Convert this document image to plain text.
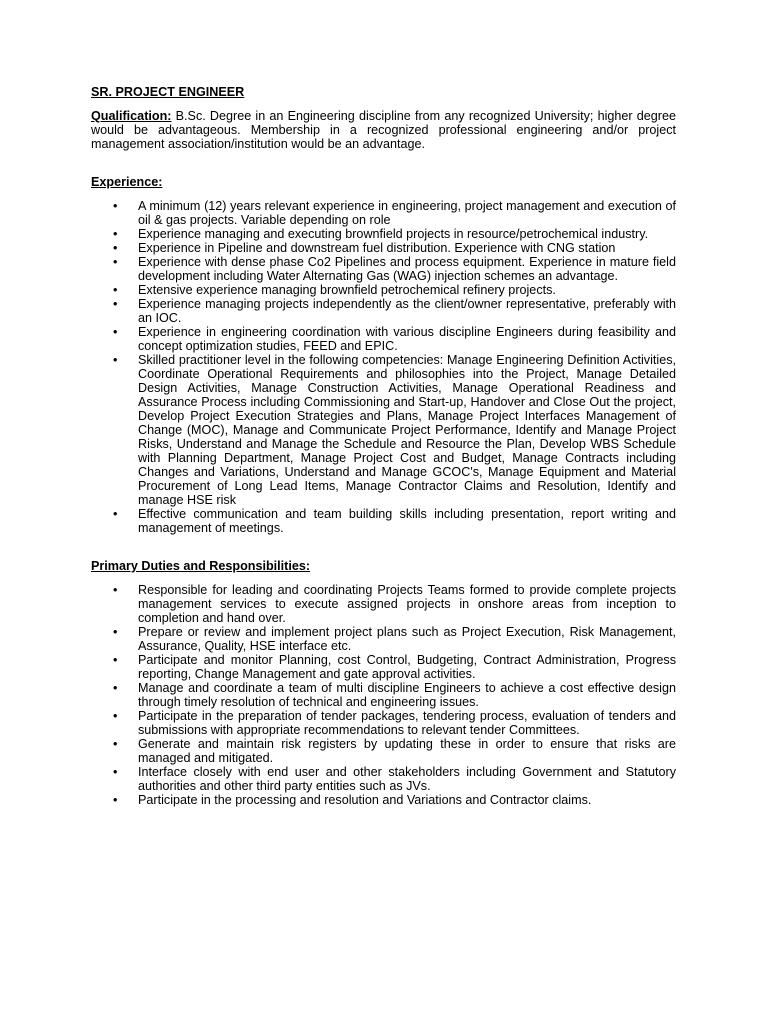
SR. PROJECT ENGINEER

Qualification: B.Sc. Degree in an Engineering discipline from any recognized University; higher degree would be advantageous. Membership in a recognized professional engineering and/or project management association/institution would be an advantage.

Experience:
• A minimum (12) years relevant experience in engineering, project management and execution of oil & gas projects. Variable depending on role
• Experience managing and executing brownfield projects in resource/petrochemical industry.
• Experience in Pipeline and downstream fuel distribution. Experience with CNG station
• Experience with dense phase Co2 Pipelines and process equipment. Experience in mature field development including Water Alternating Gas (WAG) injection schemes an advantage.
• Extensive experience managing brownfield petrochemical refinery projects.
• Experience managing projects independently as the client/owner representative, preferably with an IOC.
• Experience in engineering coordination with various discipline Engineers during feasibility and concept optimization studies, FEED and EPIC.
• Skilled practitioner level in the following competencies: Manage Engineering Definition Activities, Coordinate Operational Requirements and philosophies into the Project, Manage Detailed Design Activities, Manage Construction Activities, Manage Operational Readiness and Assurance Process including Commissioning and Start-up, Handover and Close Out the project, Develop Project Execution Strategies and Plans, Manage Project Interfaces Management of Change (MOC), Manage and Communicate Project Performance, Identify and Manage Project Risks, Understand and Manage the Schedule and Resource the Plan, Develop WBS Schedule with Planning Department, Manage Project Cost and Budget, Manage Contracts including Changes and Variations, Understand and Manage GCOC's, Manage Equipment and Material Procurement of Long Lead Items, Manage Contractor Claims and Resolution, Identify and manage HSE risk
• Effective communication and team building skills including presentation, report writing and management of meetings.
Primary Duties and Responsibilities:
• Responsible for leading and coordinating Projects Teams formed to provide complete projects management services to execute assigned projects in onshore areas from inception to completion and hand over.
• Prepare or review and implement project plans such as Project Execution, Risk Management, Assurance, Quality, HSE interface etc.
• Participate and monitor Planning, cost Control, Budgeting, Contract Administration, Progress reporting, Change Management and gate approval activities.
• Manage and coordinate a team of multi discipline Engineers to achieve a cost effective design through timely resolution of technical and engineering issues.
• Participate in the preparation of tender packages, tendering process, evaluation of tenders and submissions with appropriate recommendations to relevant tender Committees.
• Generate and maintain risk registers by updating these in order to ensure that risks are managed and mitigated.
• Interface closely with end user and other stakeholders including Government and Statutory authorities and other third party entities such as JVs.
• Participate in the processing and resolution and Variations and Contractor claims.
